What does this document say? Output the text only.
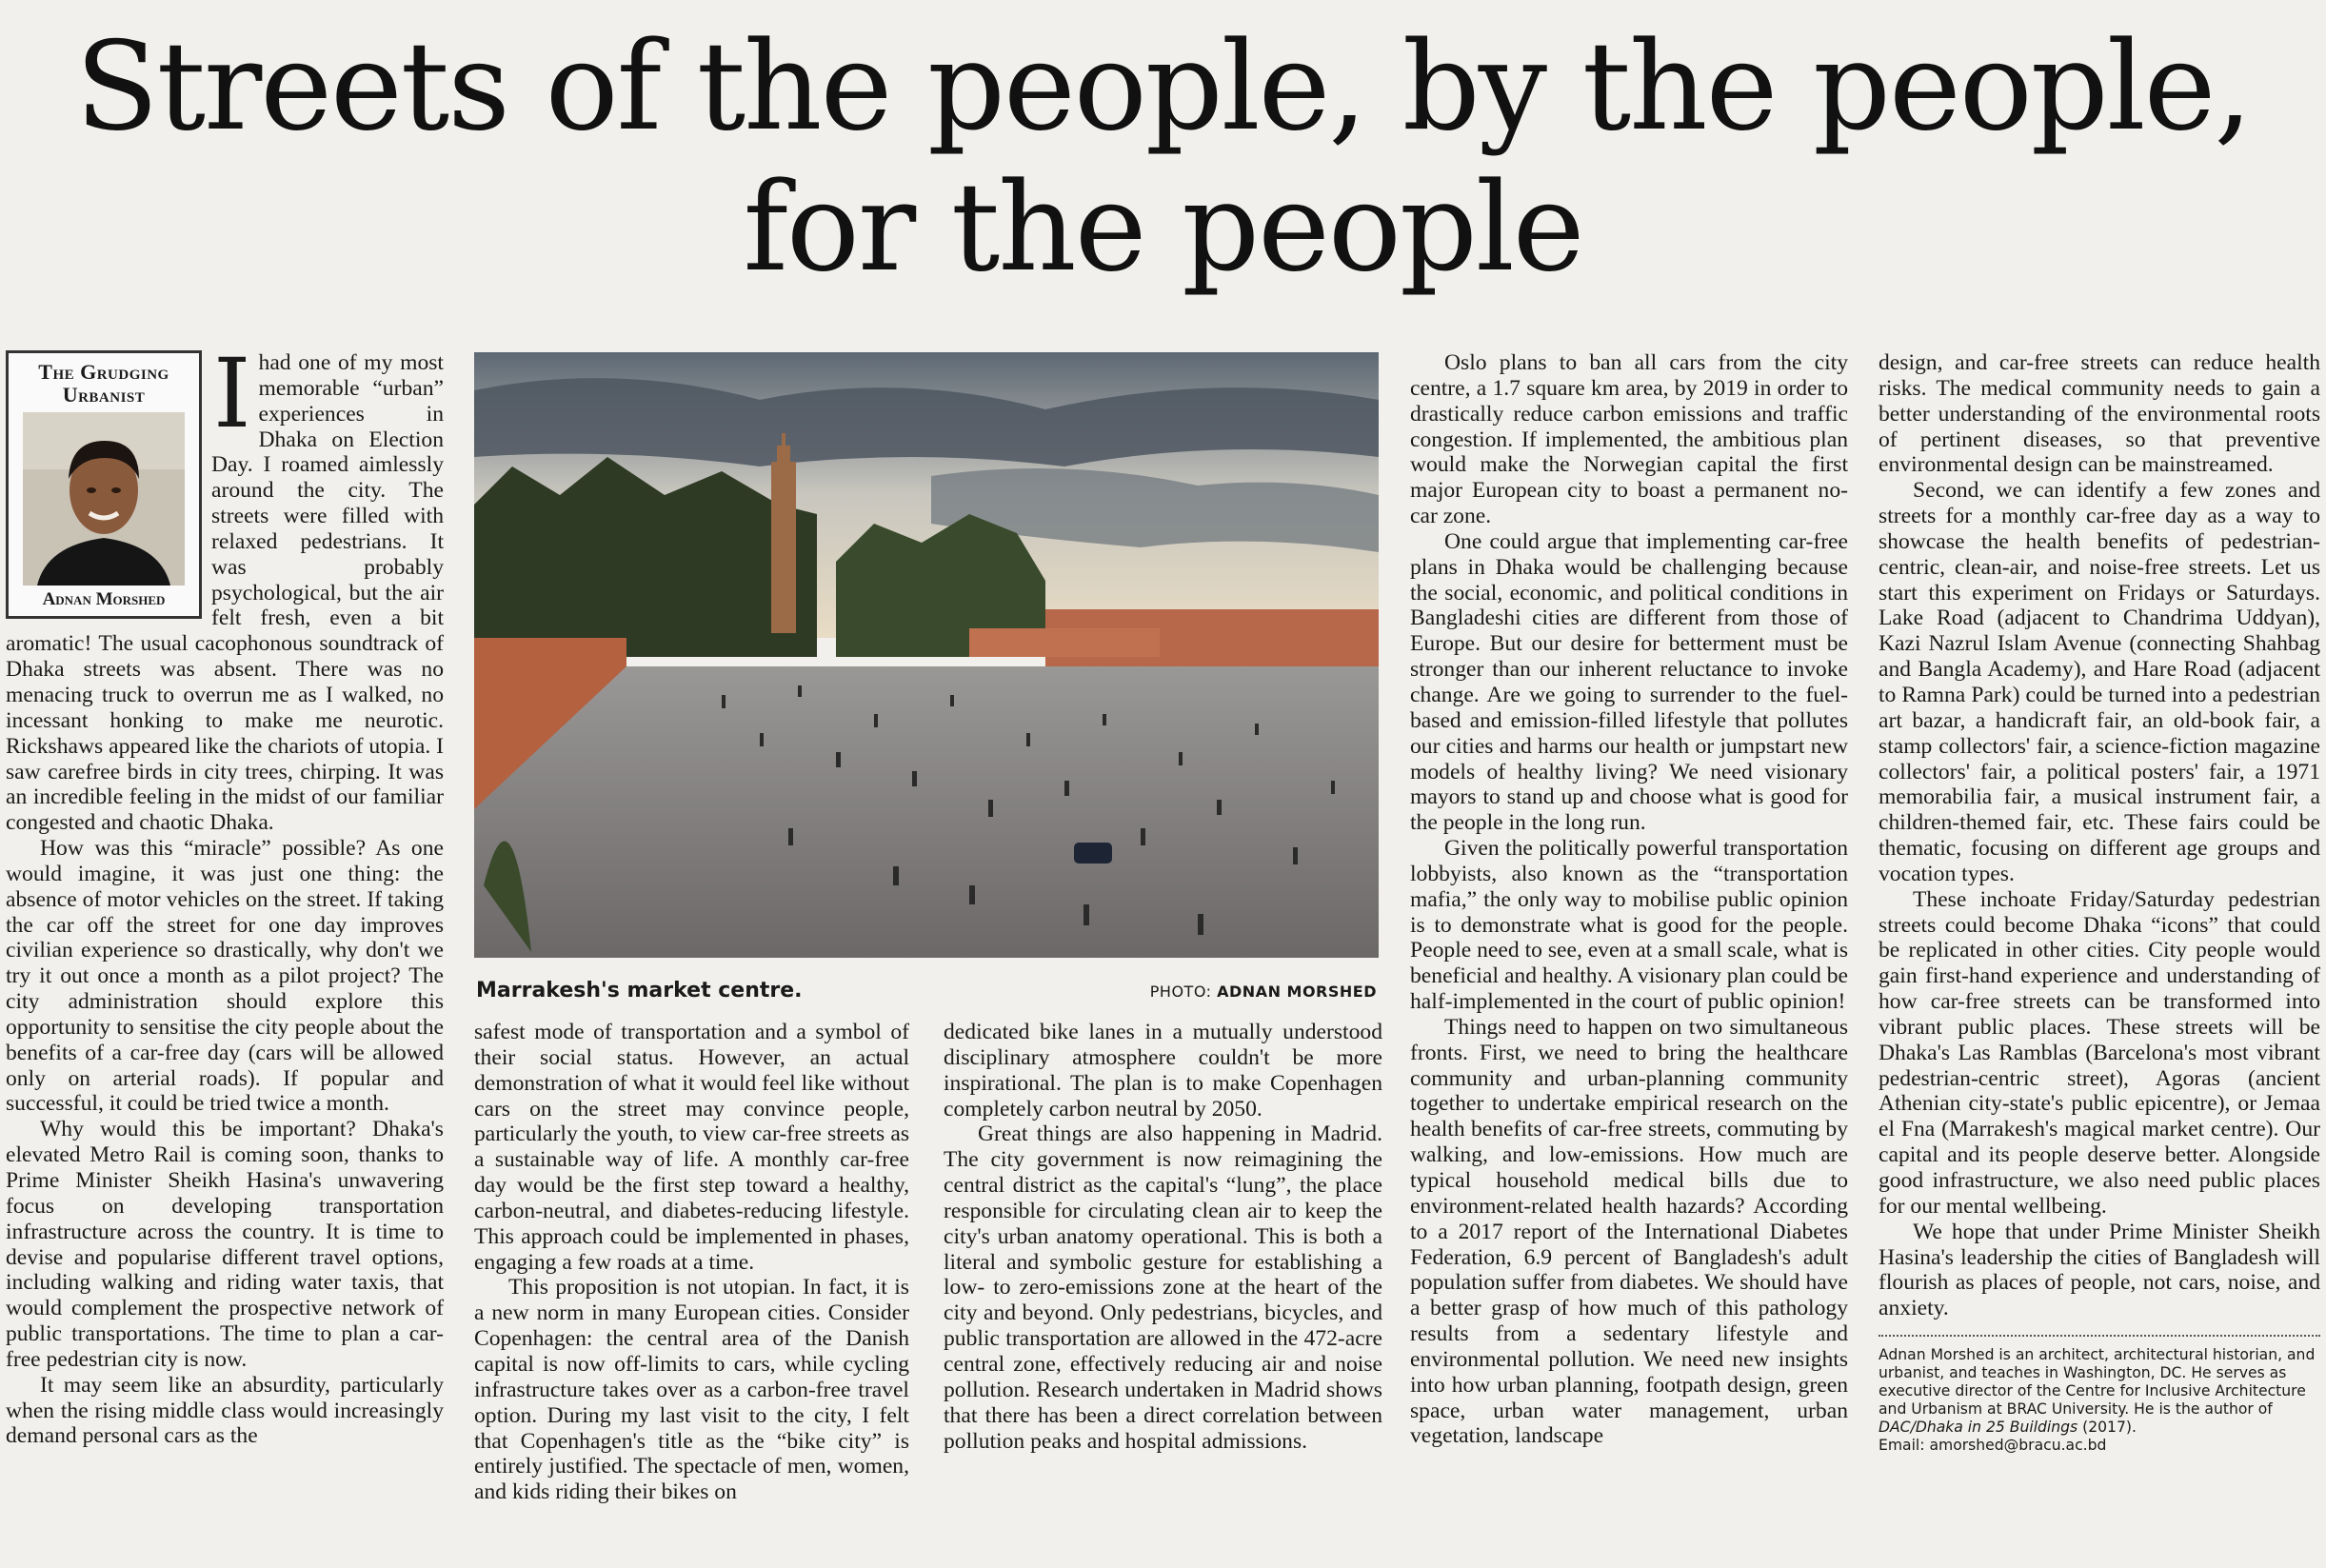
Streets of the people, by the people,
for the people
The Grudging Urbanist
Adnan Morshed
I had one of my most memorable “urban” experiences in Dhaka on Election Day. I roamed aimlessly around the city. The streets were filled with relaxed pedestrians. It was probably psychological, but the air felt fresh, even a bit aromatic! The usual cacophonous soundtrack of Dhaka streets was absent. There was no menacing truck to overrun me as I walked, no incessant honking to make me neurotic. Rickshaws appeared like the chariots of utopia. I saw carefree birds in city trees, chirping. It was an incredible feeling in the midst of our familiar congested and chaotic Dhaka.

How was this “miracle” possible? As one would imagine, it was just one thing: the absence of motor vehicles on the street. If taking the car off the street for one day improves civilian experience so drastically, why don't we try it out once a month as a pilot project? The city administration should explore this opportunity to sensitise the city people about the benefits of a car-free day (cars will be allowed only on arterial roads). If popular and successful, it could be tried twice a month.

Why would this be important? Dhaka's elevated Metro Rail is coming soon, thanks to Prime Minister Sheikh Hasina's unwavering focus on developing transportation infrastructure across the country. It is time to devise and popularise different travel options, including walking and riding water taxis, that would complement the prospective network of public transportations. The time to plan a car-free pedestrian city is now.

It may seem like an absurdity, particularly when the rising middle class would increasingly demand personal cars as the

Marrakesh's market centre.	PHOTO: ADNAN MORSHED

safest mode of transportation and a symbol of their social status. However, an actual demonstration of what it would feel like without cars on the street may convince people, particularly the youth, to view car-free streets as a sustainable way of life. A monthly car-free day would be the first step toward a healthy, carbon-neutral, and diabetes-reducing lifestyle. This approach could be implemented in phases, engaging a few roads at a time.

This proposition is not utopian. In fact, it is a new norm in many European cities. Consider Copenhagen: the central area of the Danish capital is now off-limits to cars, while cycling infrastructure takes over as a carbon-free travel option. During my last visit to the city, I felt that Copenhagen's title as the “bike city” is entirely justified. The spectacle of men, women, and kids riding their bikes on

dedicated bike lanes in a mutually understood disciplinary atmosphere couldn't be more inspirational. The plan is to make Copenhagen completely carbon neutral by 2050.

Great things are also happening in Madrid. The city government is now reimagining the central district as the capital's “lung”, the place responsible for circulating clean air to keep the city's urban anatomy operational. This is both a literal and symbolic gesture for establishing a low- to zero-emissions zone at the heart of the city and beyond. Only pedestrians, bicycles, and public transportation are allowed in the 472-acre central zone, effectively reducing air and noise pollution. Research undertaken in Madrid shows that there has been a direct correlation between pollution peaks and hospital admissions.

Oslo plans to ban all cars from the city centre, a 1.7 square km area, by 2019 in order to drastically reduce carbon emissions and traffic congestion. If implemented, the ambitious plan would make the Norwegian capital the first major European city to boast a permanent no-car zone.

One could argue that implementing car-free plans in Dhaka would be challenging because the social, economic, and political conditions in Bangladeshi cities are different from those of Europe. But our desire for betterment must be stronger than our inherent reluctance to invoke change. Are we going to surrender to the fuel-based and emission-filled lifestyle that pollutes our cities and harms our health or jumpstart new models of healthy living? We need visionary mayors to stand up and choose what is good for the people in the long run.

Given the politically powerful transportation lobbyists, also known as the “transportation mafia,” the only way to mobilise public opinion is to demonstrate what is good for the people. People need to see, even at a small scale, what is beneficial and healthy. A visionary plan could be half-implemented in the court of public opinion!

Things need to happen on two simultaneous fronts. First, we need to bring the healthcare community and urban-planning community together to undertake empirical research on the health benefits of car-free streets, commuting by walking, and low-emissions. How much are typical household medical bills due to environment-related health hazards? According to a 2017 report of the International Diabetes Federation, 6.9 percent of Bangladesh's adult population suffer from diabetes. We should have a better grasp of how much of this pathology results from a sedentary lifestyle and environmental pollution. We need new insights into how urban planning, footpath design, green space, urban water management, urban vegetation, landscape

design, and car-free streets can reduce health risks. The medical community needs to gain a better understanding of the environmental roots of pertinent diseases, so that preventive environmental design can be mainstreamed.

Second, we can identify a few zones and streets for a monthly car-free day as a way to showcase the health benefits of pedestrian-centric, clean-air, and noise-free streets. Let us start this experiment on Fridays or Saturdays. Lake Road (adjacent to Chandrima Uddyan), Kazi Nazrul Islam Avenue (connecting Shahbag and Bangla Academy), and Hare Road (adjacent to Ramna Park) could be turned into a pedestrian art bazar, a handicraft fair, an old-book fair, a stamp collectors' fair, a science-fiction magazine collectors' fair, a political posters' fair, a 1971 memorabilia fair, a musical instrument fair, a children-themed fair, etc. These fairs could be thematic, focusing on different age groups and vocation types.

These inchoate Friday/Saturday pedestrian streets could become Dhaka “icons” that could be replicated in other cities. City people would gain first-hand experience and understanding of how car-free streets can be transformed into vibrant public places. These streets will be Dhaka's Las Ramblas (Barcelona's most vibrant pedestrian-centric street), Agoras (ancient Athenian city-state's public epicentre), or Jemaa el Fna (Marrakesh's magical market centre). Our capital and its people deserve better. Alongside good infrastructure, we also need public places for our mental wellbeing.

We hope that under Prime Minister Sheikh Hasina's leadership the cities of Bangladesh will flourish as places of people, not cars, noise, and anxiety.

Adnan Morshed is an architect, architectural historian, and urbanist, and teaches in Washington, DC. He serves as executive director of the Centre for Inclusive Architecture and Urbanism at BRAC University. He is the author of DAC/Dhaka in 25 Buildings (2017).

Email: amorshed@bracu.ac.bd
